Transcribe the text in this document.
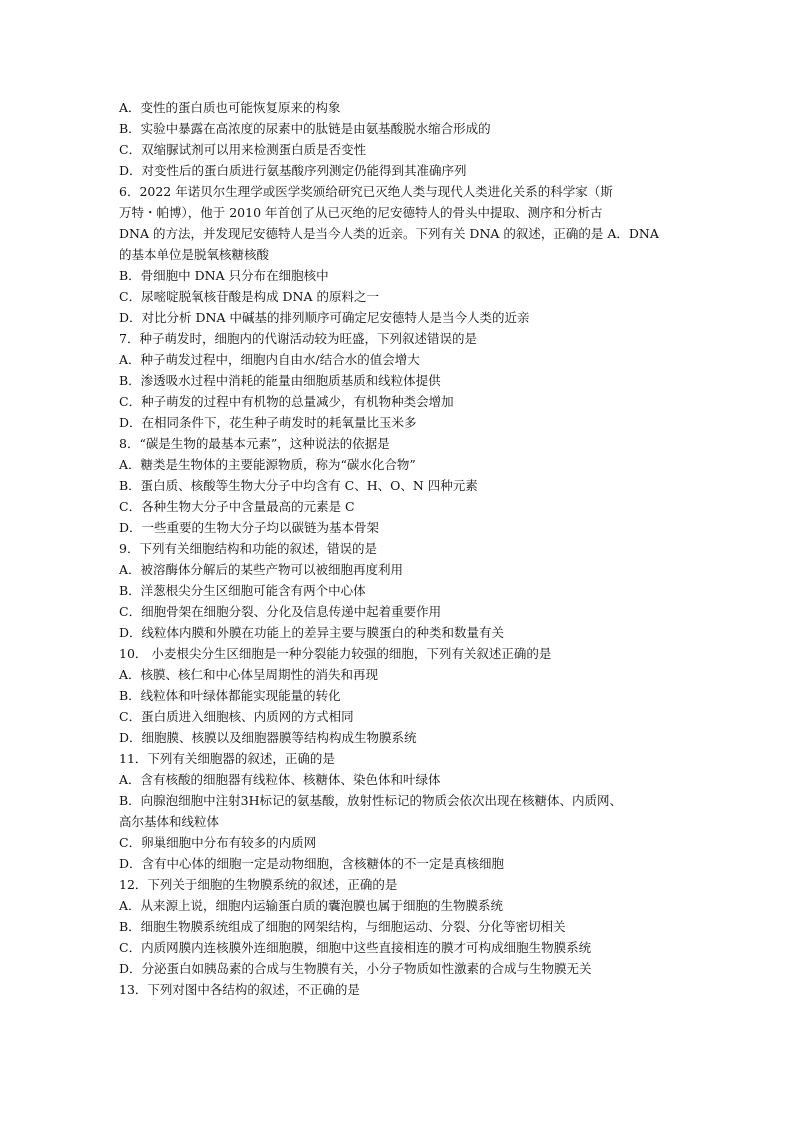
A．变性的蛋白质也可能恢复原来的构象
B．实验中暴露在高浓度的尿素中的肽链是由氨基酸脱水缩合形成的
C．双缩脲试剂可以用来检测蛋白质是否变性
D．对变性后的蛋白质进行氨基酸序列测定仍能得到其准确序列
6．2022 年诺贝尔生理学或医学奖颁给研究已灭绝人类与现代人类进化关系的科学家（斯
万特・帕博），他于 2010 年首创了从已灭绝的尼安德特人的骨头中提取、测序和分析古
DNA 的方法，并发现尼安德特人是当今人类的近亲。下列有关 DNA 的叙述，正确的是 A．DNA
的基本单位是脱氧核糖核酸
B．骨细胞中 DNA 只分布在细胞核中
C．尿嘧啶脱氧核苷酸是构成 DNA 的原料之一
D．对比分析 DNA 中碱基的排列顺序可确定尼安德特人是当今人类的近亲
7．种子萌发时，细胞内的代谢活动较为旺盛，下列叙述错误的是
A．种子萌发过程中，细胞内自由水/结合水的值会增大
B．渗透吸水过程中消耗的能量由细胞质基质和线粒体提供
C．种子萌发的过程中有机物的总量减少，有机物种类会增加
D．在相同条件下，花生种子萌发时的耗氧量比玉米多
8．“碳是生物的最基本元素”，这种说法的依据是
A．糖类是生物体的主要能源物质，称为“碳水化合物”
B．蛋白质、核酸等生物大分子中均含有 C、H、O、N 四种元素
C．各种生物大分子中含量最高的元素是 C
D．一些重要的生物大分子均以碳链为基本骨架
9．下列有关细胞结构和功能的叙述，错误的是
A．被溶酶体分解后的某些产物可以被细胞再度利用
B．洋葱根尖分生区细胞可能含有两个中心体
C．细胞骨架在细胞分裂、分化及信息传递中起着重要作用
D．线粒体内膜和外膜在功能上的差异主要与膜蛋白的种类和数量有关
10． 小麦根尖分生区细胞是一种分裂能力较强的细胞，下列有关叙述正确的是
A．核膜、核仁和中心体呈周期性的消失和再现
B．线粒体和叶绿体都能实现能量的转化
C．蛋白质进入细胞核、内质网的方式相同
D．细胞膜、核膜以及细胞器膜等结构构成生物膜系统
11．下列有关细胞器的叙述，正确的是
A．含有核酸的细胞器有线粒体、核糖体、染色体和叶绿体
B．向腺泡细胞中注射3H标记的氨基酸，放射性标记的物质会依次出现在核糖体、内质网、
高尔基体和线粒体
C．卵巢细胞中分布有较多的内质网
D．含有中心体的细胞一定是动物细胞，含核糖体的不一定是真核细胞
12．下列关于细胞的生物膜系统的叙述，正确的是
A．从来源上说，细胞内运输蛋白质的囊泡膜也属于细胞的生物膜系统
B．细胞生物膜系统组成了细胞的网架结构，与细胞运动、分裂、分化等密切相关
C．内质网膜内连核膜外连细胞膜，细胞中这些直接相连的膜才可构成细胞生物膜系统
D．分泌蛋白如胰岛素的合成与生物膜有关，小分子物质如性激素的合成与生物膜无关
13．下列对图中各结构的叙述，不正确的是
